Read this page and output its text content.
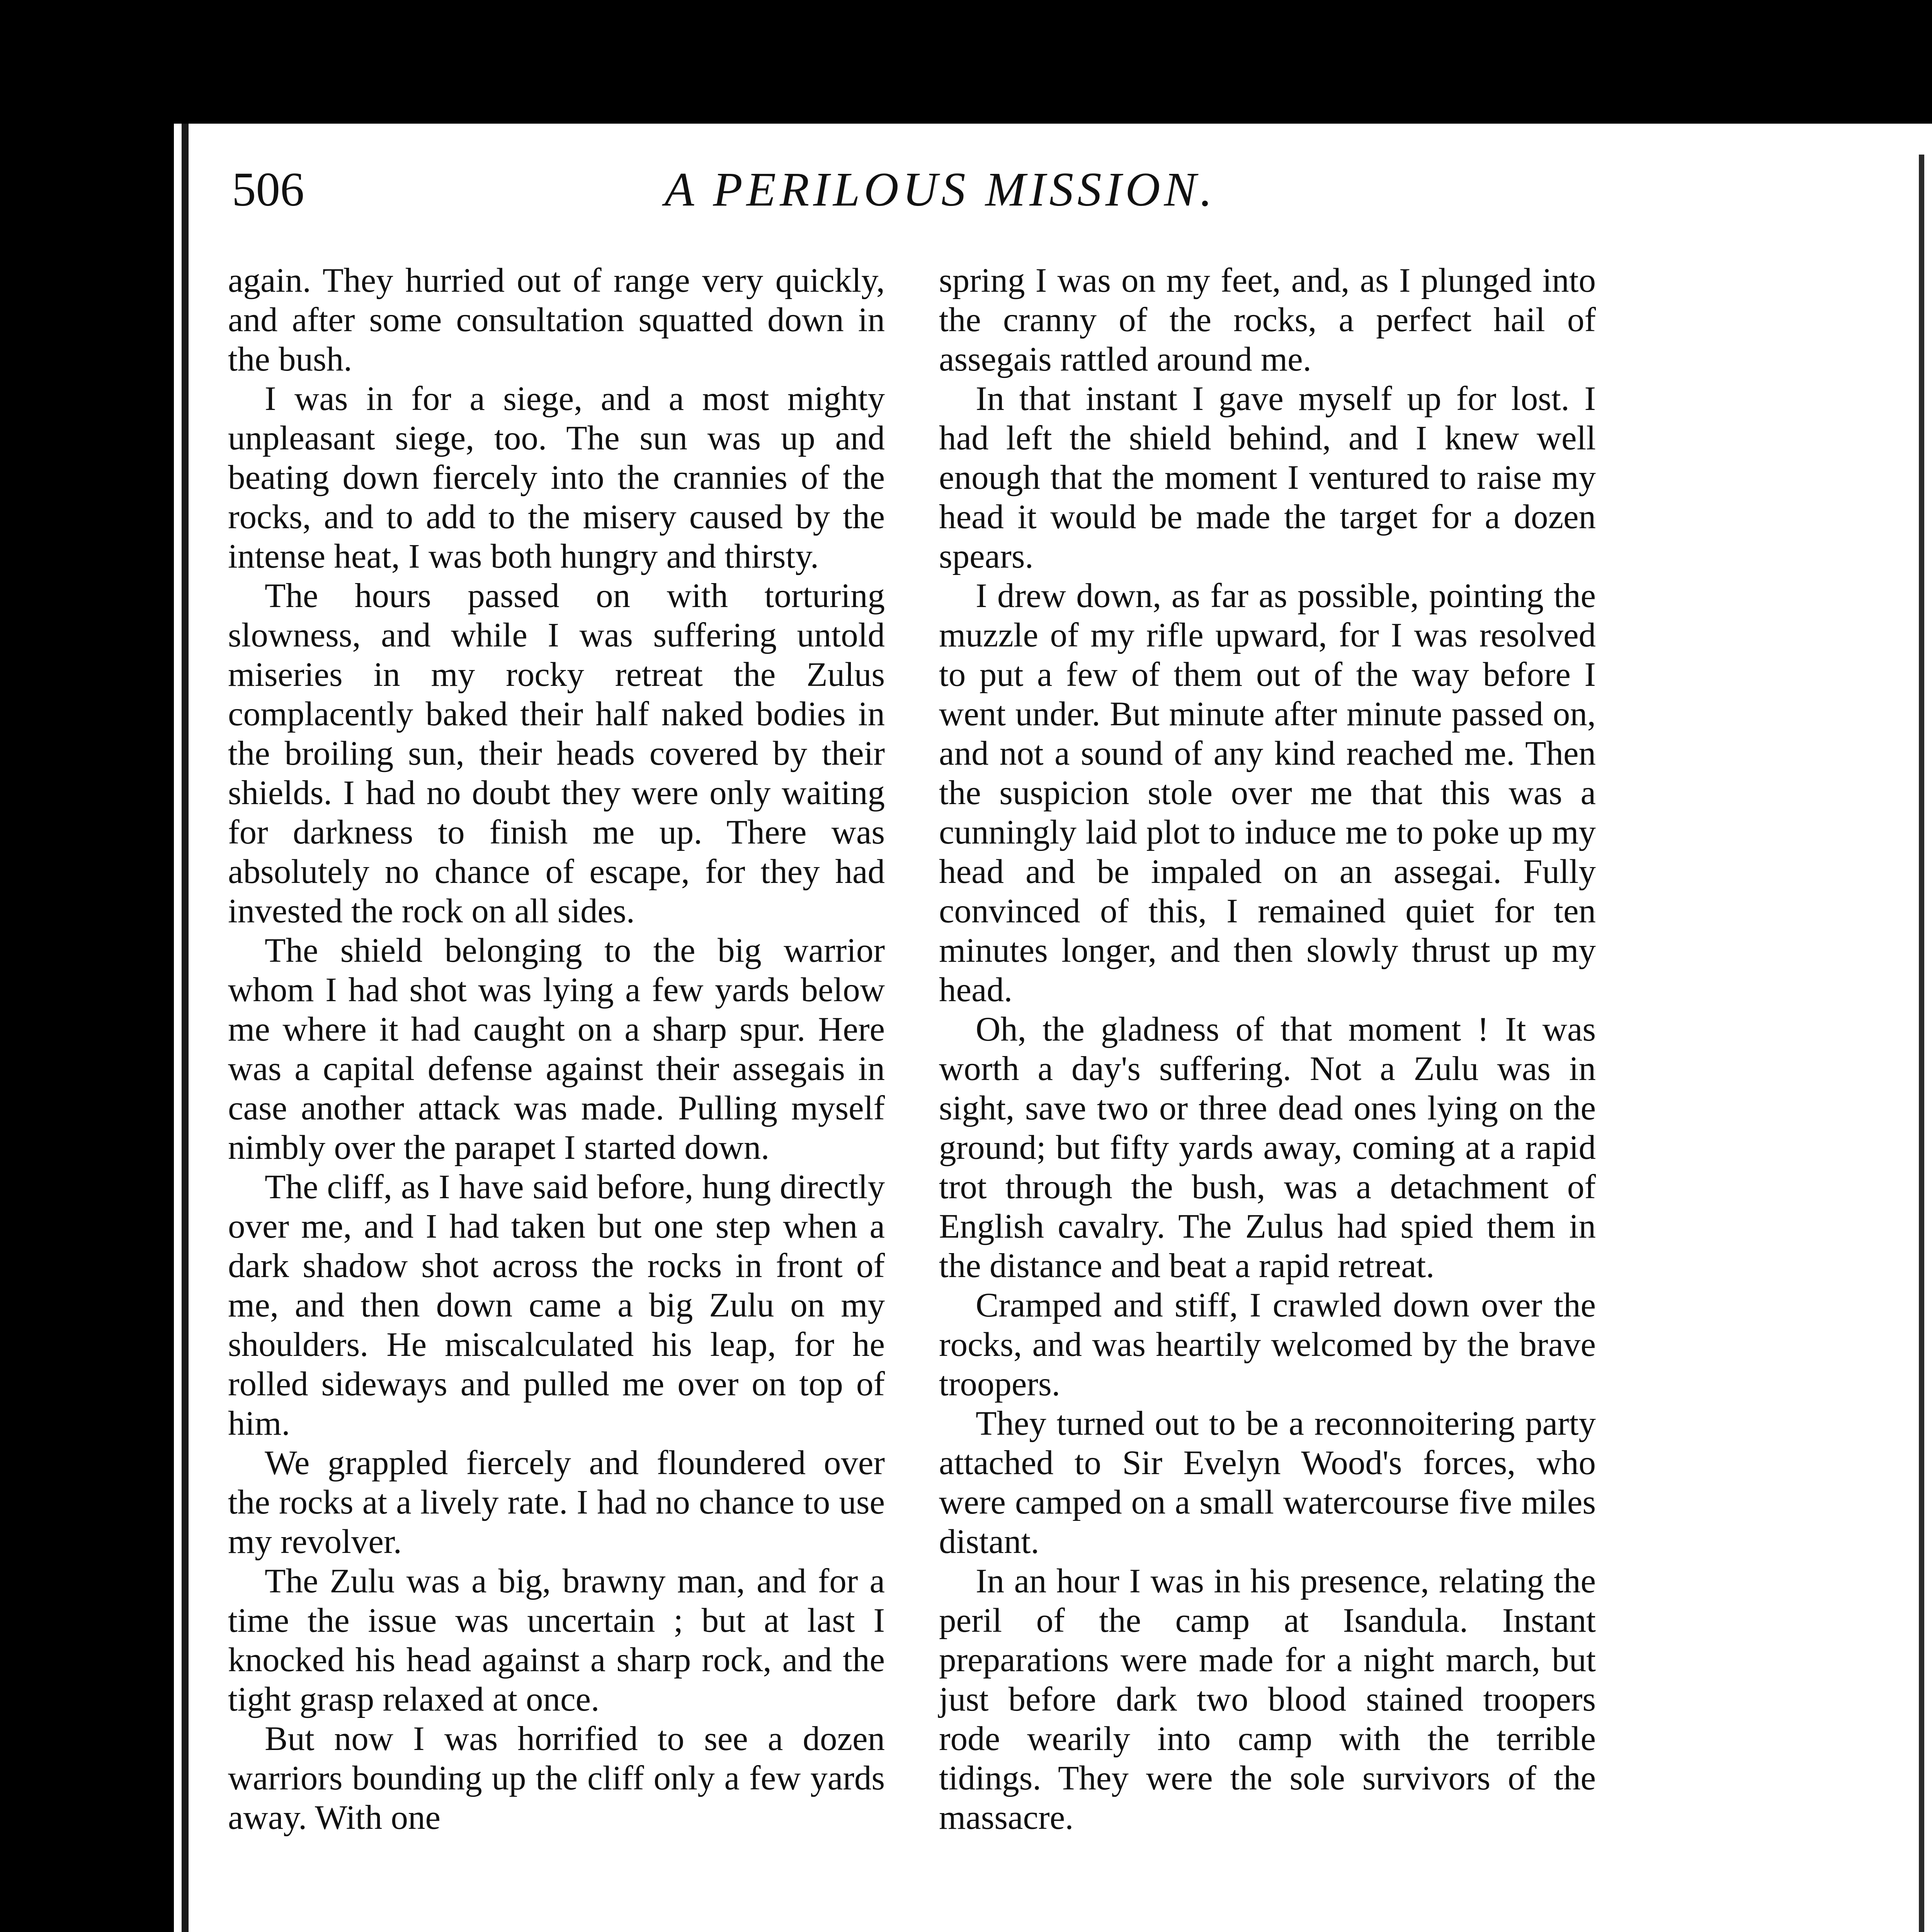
506	A PERILOUS MISSION.

again. They hurried out of range very quickly, and after some consultation squatted down in the bush.

I was in for a siege, and a most mighty unpleasant siege, too. The sun was up and beating down fiercely into the crannies of the rocks, and to add to the misery caused by the intense heat, I was both hungry and thirsty.

The hours passed on with torturing slowness, and while I was suffering untold miseries in my rocky retreat the Zulus complacently baked their half naked bodies in the broiling sun, their heads covered by their shields. I had no doubt they were only waiting for darkness to finish me up. There was absolutely no chance of escape, for they had invested the rock on all sides.

The shield belonging to the big warrior whom I had shot was lying a few yards below me where it had caught on a sharp spur. Here was a capital defense against their assegais in case another attack was made. Pulling myself nimbly over the parapet I started down.

The cliff, as I have said before, hung directly over me, and I had taken but one step when a dark shadow shot across the rocks in front of me, and then down came a big Zulu on my shoulders. He miscalculated his leap, for he rolled sideways and pulled me over on top of him.

We grappled fiercely and floundered over the rocks at a lively rate. I had no chance to use my revolver.

The Zulu was a big, brawny man, and for a time the issue was uncertain ; but at last I knocked his head against a sharp rock, and the tight grasp relaxed at once.

But now I was horrified to see a dozen warriors bounding up the cliff only a few yards away. With one

spring I was on my feet, and, as I plunged into the cranny of the rocks, a perfect hail of assegais rattled around me.

In that instant I gave myself up for lost. I had left the shield behind, and I knew well enough that the moment I ventured to raise my head it would be made the target for a dozen spears.

I drew down, as far as possible, pointing the muzzle of my rifle upward, for I was resolved to put a few of them out of the way before I went under. But minute after minute passed on, and not a sound of any kind reached me. Then the suspicion stole over me that this was a cunningly laid plot to induce me to poke up my head and be impaled on an assegai. Fully convinced of this, I remained quiet for ten minutes longer, and then slowly thrust up my head.

Oh, the gladness of that moment ! It was worth a day's suffering. Not a Zulu was in sight, save two or three dead ones lying on the ground; but fifty yards away, coming at a rapid trot through the bush, was a detachment of English cavalry. The Zulus had spied them in the distance and beat a rapid retreat.

Cramped and stiff, I crawled down over the rocks, and was heartily welcomed by the brave troopers.

They turned out to be a reconnoitering party attached to Sir Evelyn Wood's forces, who were camped on a small watercourse five miles distant.

In an hour I was in his presence, relating the peril of the camp at Isandula. Instant preparations were made for a night march, but just before dark two blood stained troopers rode wearily into camp with the terrible tidings. They were the sole survivors of the massacre.
